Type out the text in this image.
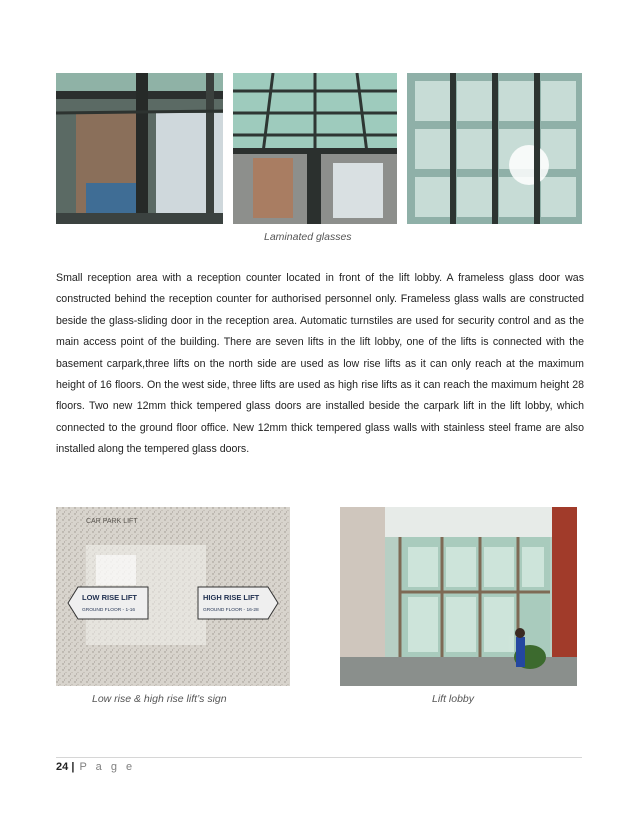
Laminated glasses

Small reception area with a reception counter located in front of the lift lobby. A frameless glass door was constructed behind the reception counter for authorised personnel only. Frameless glass walls are constructed beside the glass-sliding door in the reception area. Automatic turnstiles are used for security control and as the main access point of the building. There are seven lifts in the lift lobby, one of the lifts is connected with the basement carpark,three lifts on the north side are used as low rise lifts as it can only reach at the maximum height of 16 floors. On the west side, three lifts are used as high rise lifts as it can reach the maximum height 28 floors. Two new 12mm thick tempered glass doors are installed beside the carpark lift in the lift lobby, which connected to the ground floor office. New 12mm thick tempered glass walls with stainless steel frame are also installed along the tempered glass doors.

CAR PARK LIFT
LOW RISE LIFT
GROUND FLOOR - 1-16
HIGH RISE LIFT
GROUND FLOOR - 16-28
Low rise & high rise lift’s sign	Lift lobby
24 | P a g e
